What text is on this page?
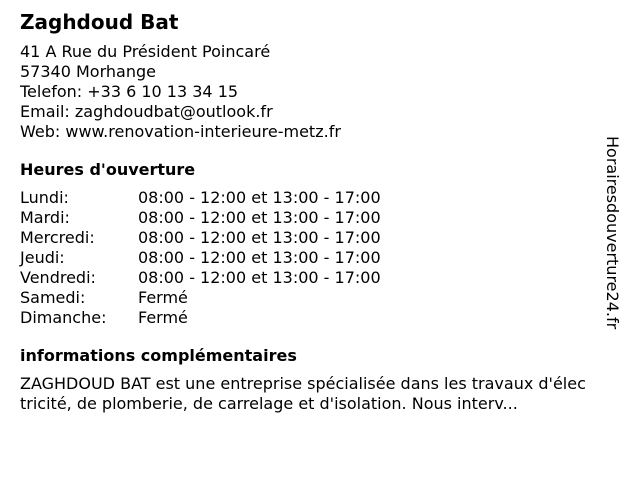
Zaghdoud Bat
41 A Rue du Président Poincaré
57340 Morhange
Telefon: +33 6 10 13 34 15
Email: zaghdoudbat@outlook.fr
Web: www.renovation-interieure-metz.fr
Heures d'ouverture
Lundi:	08:00 - 12:00 et 13:00 - 17:00
Mardi:	08:00 - 12:00 et 13:00 - 17:00
Mercredi:	08:00 - 12:00 et 13:00 - 17:00
Jeudi:	08:00 - 12:00 et 13:00 - 17:00
Vendredi:	08:00 - 12:00 et 13:00 - 17:00
Samedi:	Fermé
Dimanche:	Fermé
informations complémentaires
ZAGHDOUD BAT est une entreprise spécialisée dans les travaux d'électricité, de plomberie, de carrelage et d'isolation. Nous interv...
Horairesdouverture24.fr
